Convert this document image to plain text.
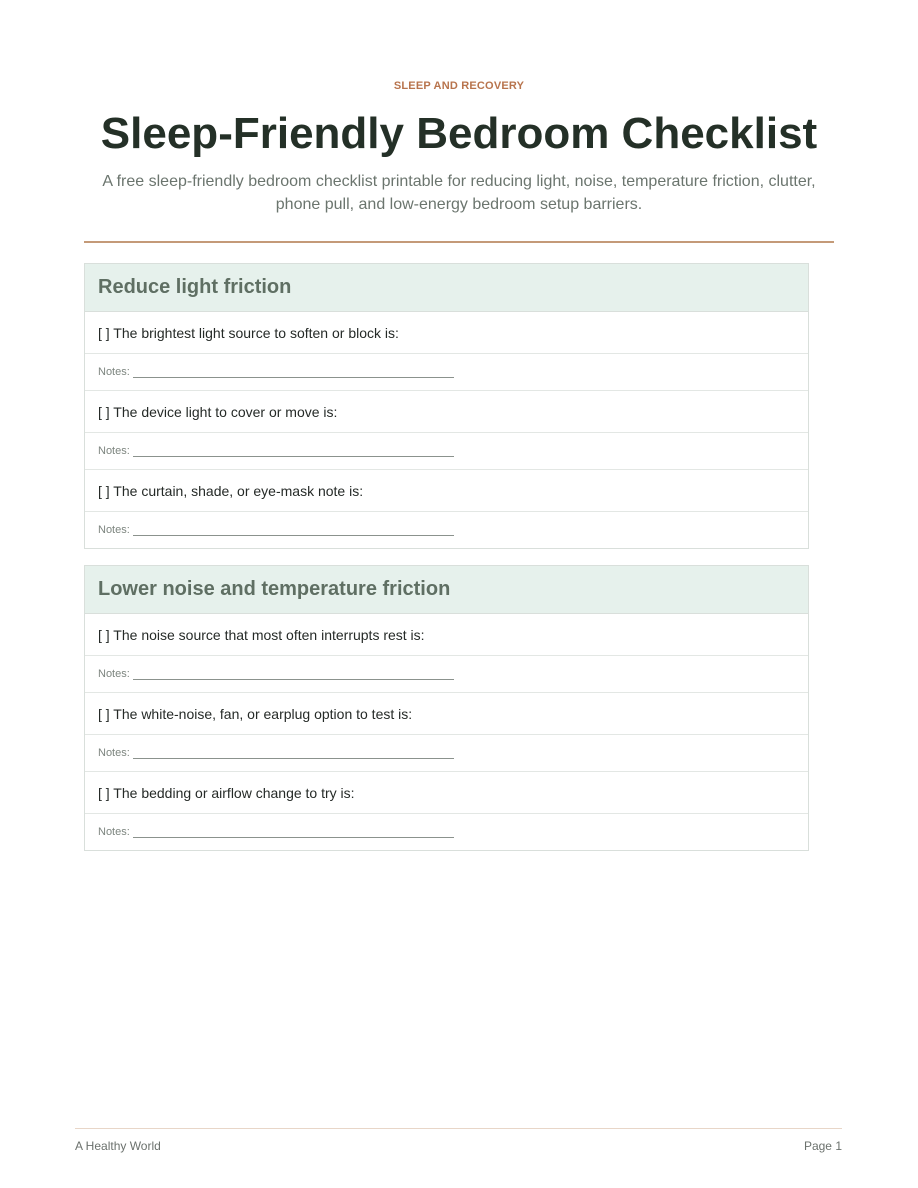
SLEEP AND RECOVERY
Sleep-Friendly Bedroom Checklist

A free sleep-friendly bedroom checklist printable for reducing light, noise, temperature friction, clutter, phone pull, and low-energy bedroom setup barriers.

Reduce light friction
[ ] The brightest light source to soften or block is:
Notes:
[ ] The device light to cover or move is:
Notes:
[ ] The curtain, shade, or eye-mask note is:
Notes:
Lower noise and temperature friction
[ ] The noise source that most often interrupts rest is:
Notes:
[ ] The white-noise, fan, or earplug option to test is:
Notes:
[ ] The bedding or airflow change to try is:
Notes:
A Healthy World	Page 1
